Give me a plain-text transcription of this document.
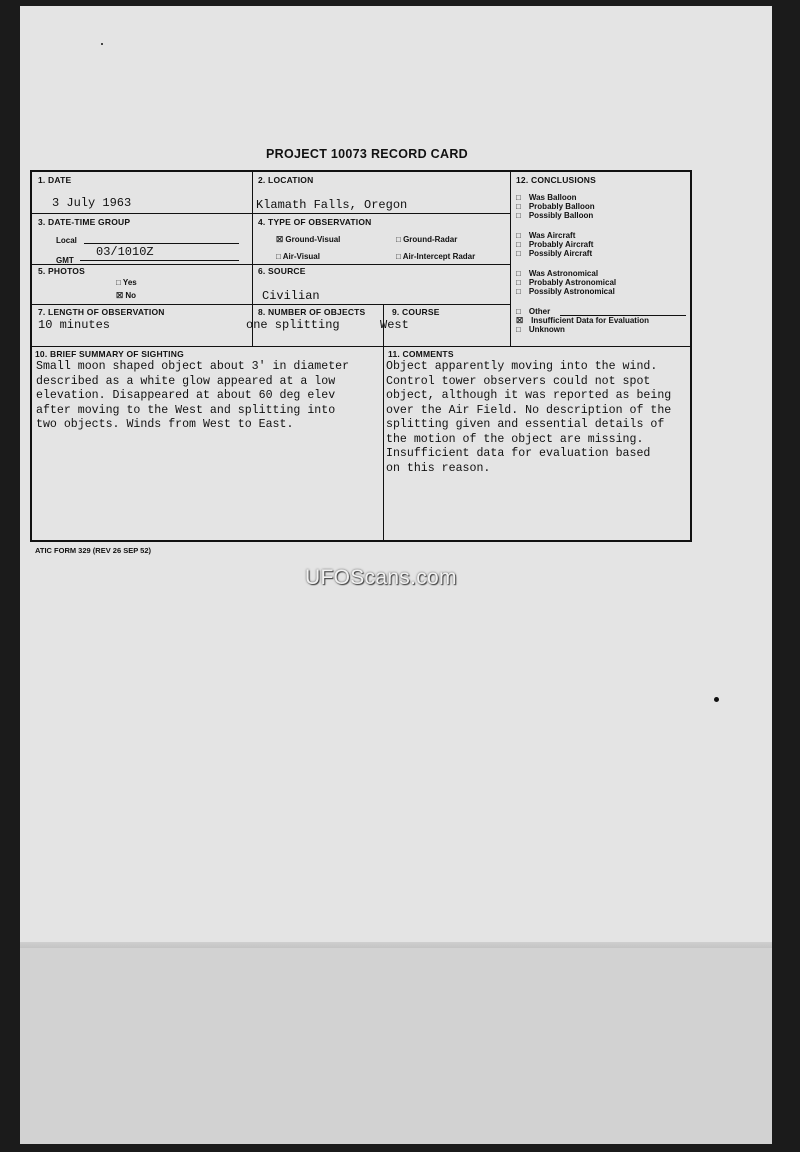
PROJECT 10073 RECORD CARD
1. DATE
3 July 1963
2. LOCATION
Klamath Falls, Oregon
3. DATE-TIME GROUP
Local
GMT
03/1010Z
4. TYPE OF OBSERVATION
☒ Ground-Visual	□ Ground-Radar
□ Air-Visual	□ Air-Intercept Radar
5. PHOTOS
□ Yes
☒ No
6. SOURCE
Civilian
7. LENGTH OF OBSERVATION
10 minutes
8. NUMBER OF OBJECTS
one splitting
9. COURSE
West
12. CONCLUSIONS
□ Was Balloon
□ Probably Balloon
□ Possibly Balloon
□ Was Aircraft
□ Probably Aircraft
□ Possibly Aircraft
□ Was Astronomical
□ Probably Astronomical
□ Possibly Astronomical
□ Other
☒ Insufficient Data for Evaluation
□ Unknown
10. BRIEF SUMMARY OF SIGHTING
Small moon shaped object about 3' in diameter
described as a white glow appeared at a low
elevation. Disappeared at about 60 deg elev
after moving to the West and splitting into
two objects. Winds from West to East.
11. COMMENTS
Object apparently moving into the wind.
Control tower observers could not spot
object, although it was reported as being
over the Air Field. No description of the
splitting given and essential details of
the motion of the object are missing.
Insufficient data for evaluation based
on this reason.
ATIC FORM 329 (REV 26 SEP 52)
UFOScans.com
